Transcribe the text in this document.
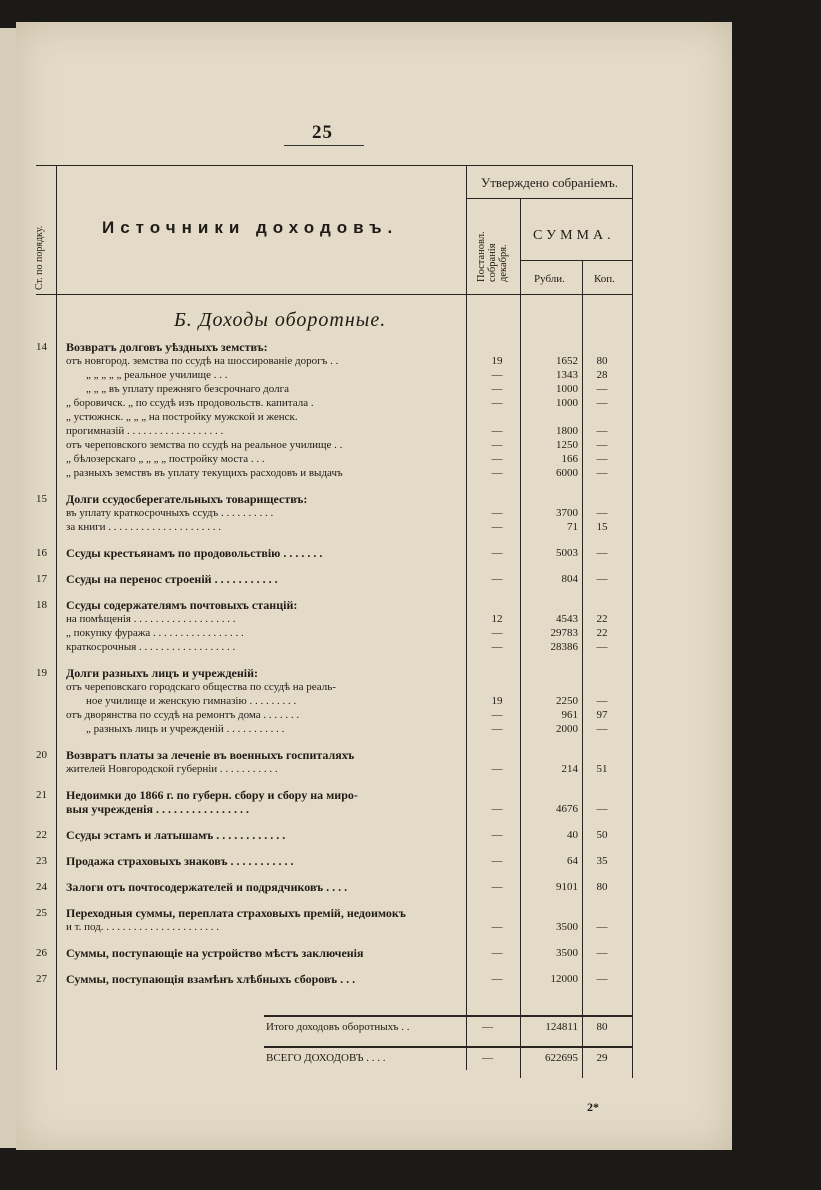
25
Ст. по порядку.	Источники доходовъ.
Утверждено собраніемъ.
Постановл. собранія декабря.
СУММА.
Рубли.	Коп.
Б. Доходы оборотные.
14 Возвратъ долговъ уѣздныхъ земствъ:
отъ новгород. земства по ссудѣ на шоссированіе дорогъ . .	19	1652	80
„ „ „ „ „ реальное училище . . .	—	1343	28
„ „ „ въ уплату прежняго безсрочнаго долга	—	1000	—
„ боровичск. „ по ссудѣ изъ продовольств. капитала .	—	1000	—
„ устюжнск. „ „ „ на постройку мужской и женск.
прогимназій . . . . . . . . . . . . . . . . . .	—	1800	—
отъ череповского земства по ссудѣ на реальное училище . .	—	1250	—
„ бѣлозерскаго „ „ „ „ постройку моста . . .	—	166	—
„ разныхъ земствъ въ уплату текущихъ расходовъ и выдачъ	—	6000	—
15 Долги ссудосберегательныхъ товариществъ:
въ уплату краткосрочныхъ ссудъ . . . . . . . . . .	—	3700	—
за книги . . . . . . . . . . . . . . . . . . . . .	—	71	15
16 Ссуды крестьянамъ по продовольствію . . . . . . .	—	5003	—
17 Ссуды на перенос строеній . . . . . . . . . . .	—	804	—
18 Ссуды содержателямъ почтовыхъ станцій:
на помѣщенія . . . . . . . . . . . . . . . . . . .	12	4543	22
„ покупку фуража . . . . . . . . . . . . . . . . .	—	29783	22
краткосрочныя . . . . . . . . . . . . . . . . . .	—	28386	—
19 Долги разныхъ лицъ и учрежденій:
отъ череповскаго городскаго общества по ссудѣ на реаль-
ное училище и женскую гимназію . . . . . . . . .	19	2250	—
отъ дворянства по ссудѣ на ремонтъ дома . . . . . . .	—	961	97
„ разныхъ лицъ и учрежденій . . . . . . . . . . .	—	2000	—
20 Возвратъ платы за леченіе въ военныхъ госпиталяхъ
жителей Новгородской губерніи . . . . . . . . . . .	—	214	51
21 Недоимки до 1866 г. по губерн. сбору и сбору на миро-
выя учрежденія . . . . . . . . . . . . . . . .	—	4676	—
22 Ссуды эстамъ и латышамъ . . . . . . . . . . . .	—	40	50
23 Продажа страховыхъ знаковъ . . . . . . . . . . .	—	64	35
24 Залоги отъ почтосодержателей и подрядчиковъ . . . .	—	9101	80
25 Переходныя суммы, переплата страховыхъ премій, недоимокъ
и т. под. . . . . . . . . . . . . . . . . . . . . .	—	3500	—
26 Суммы, поступающіе на устройство мѣстъ заключенія	—	3500	—
27 Суммы, поступающія взамѣнъ хлѣбныхъ сборовъ . . .	—	12000	—
Итого доходовъ оборотныхъ . .	—	124811	80
ВСЕГО ДОХОДОВЪ . . . .	—	622695	29
2*
